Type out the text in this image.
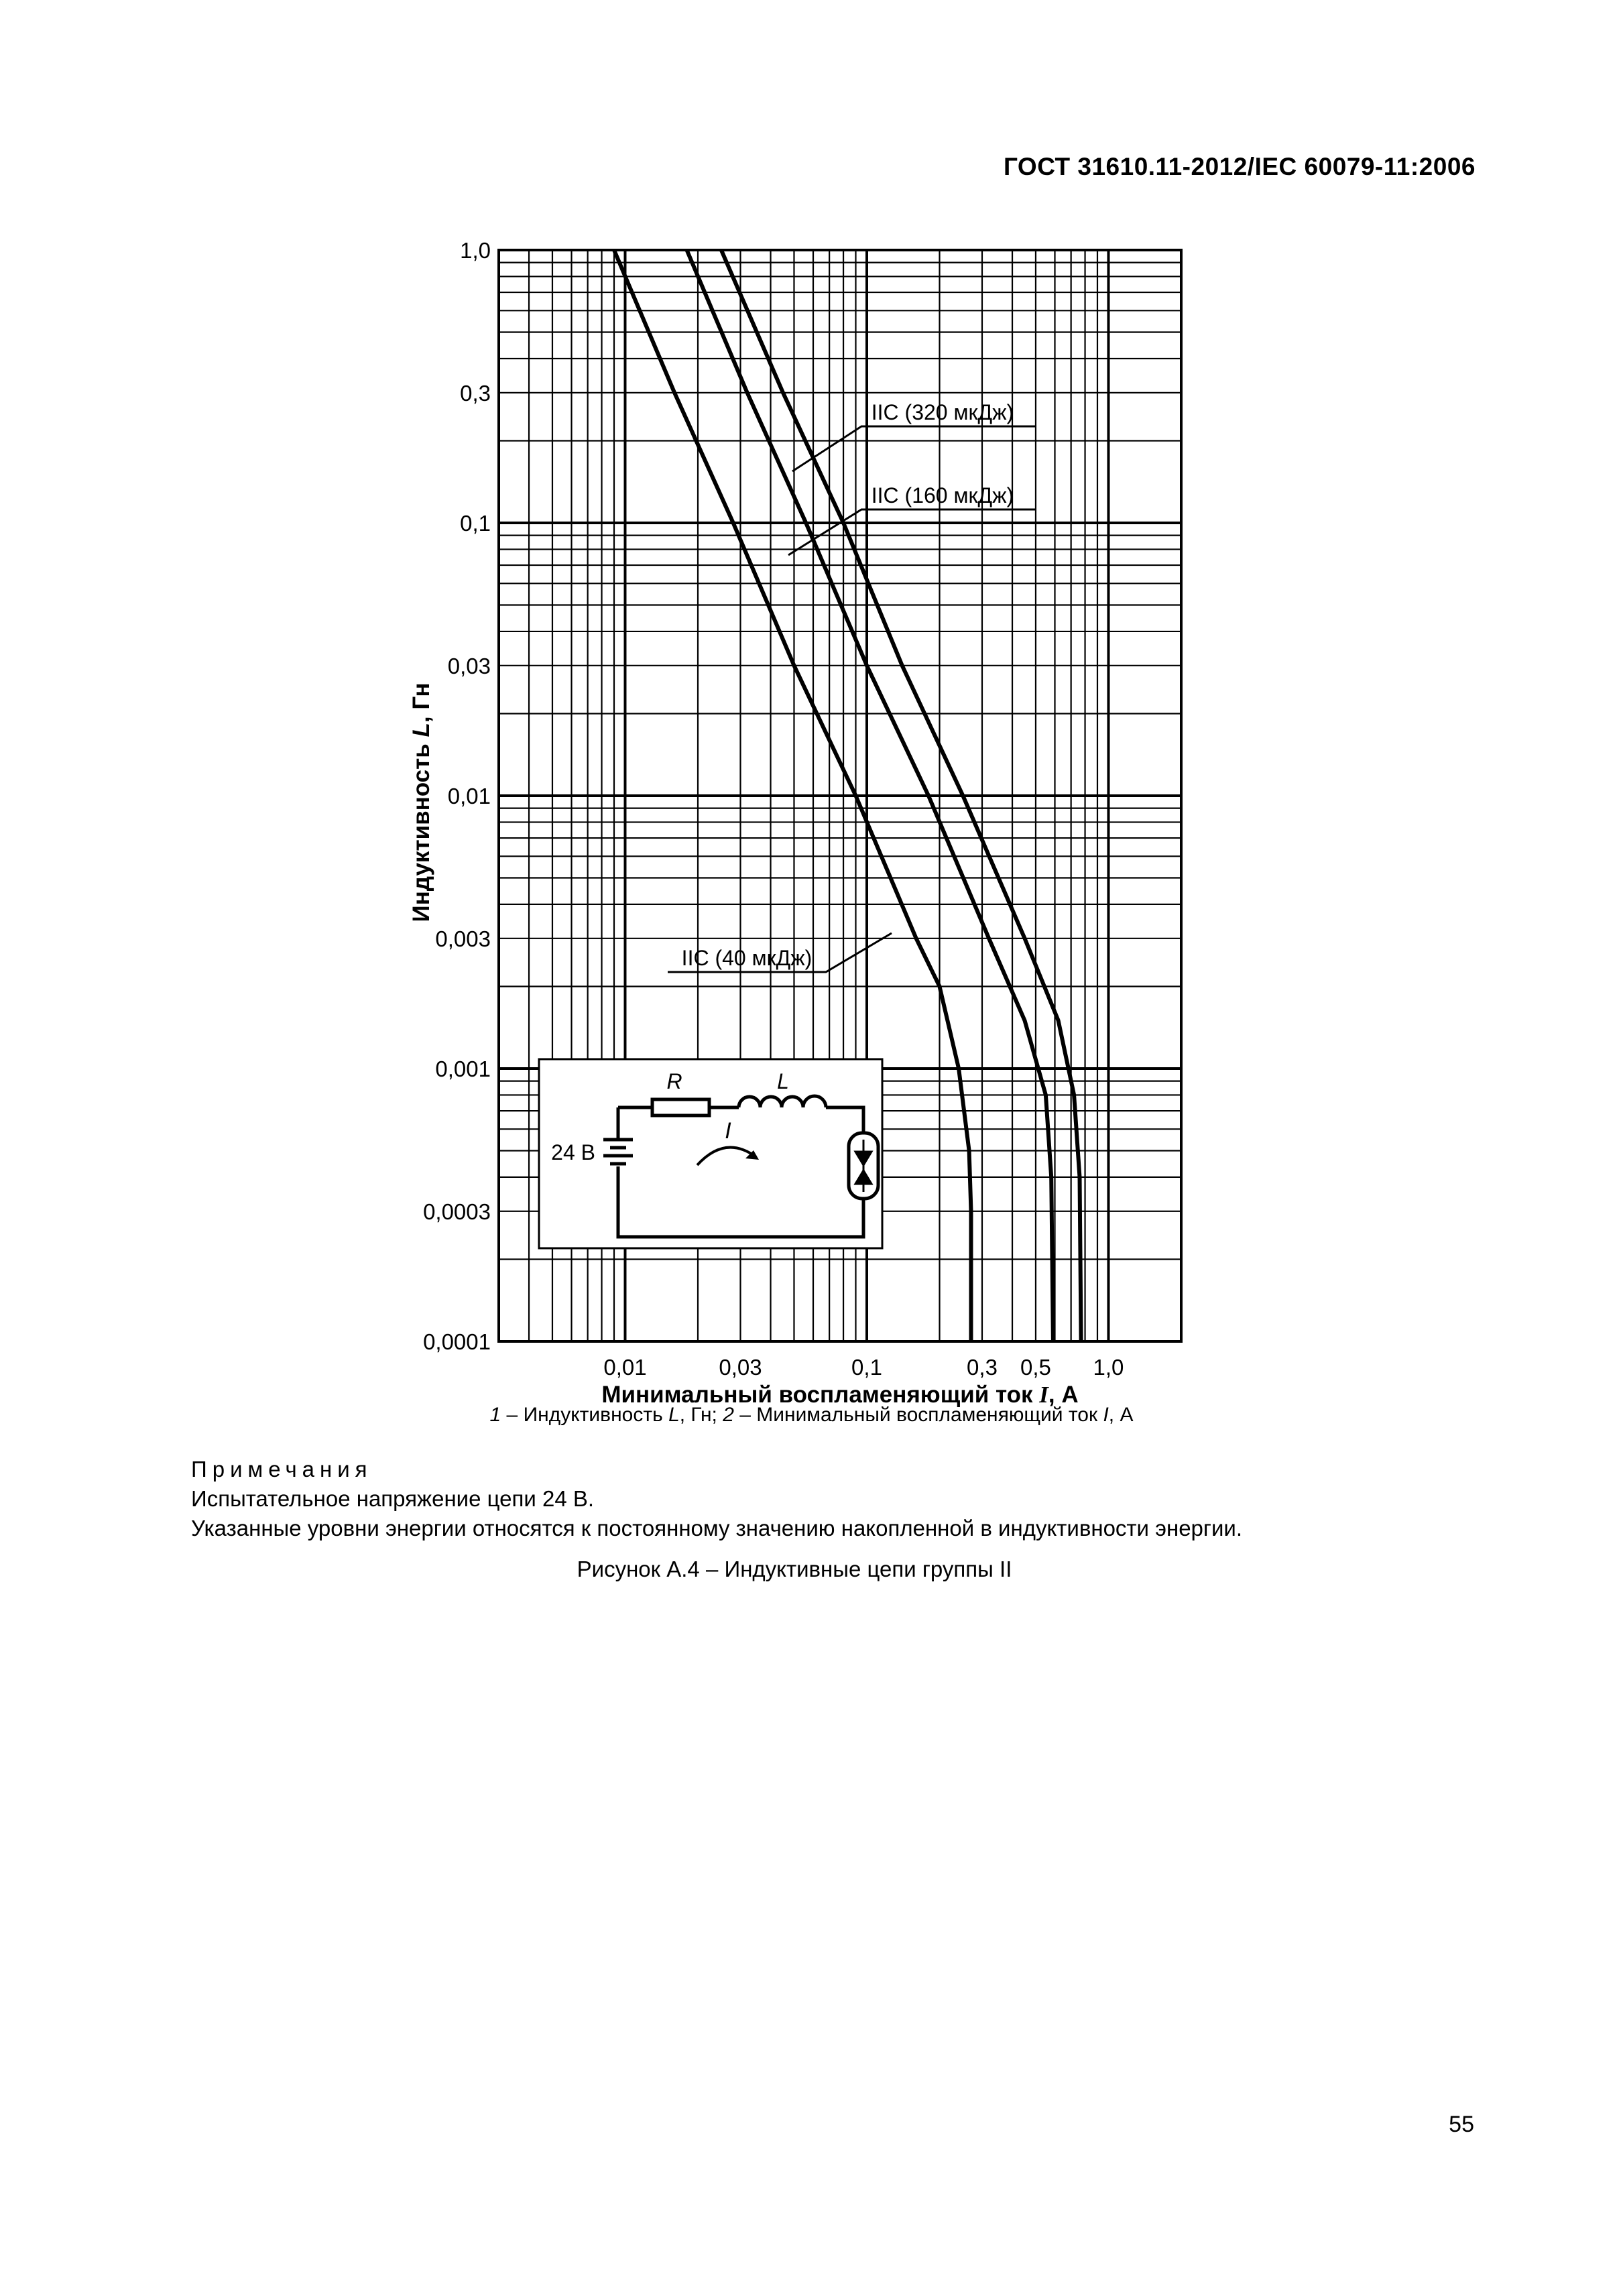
ГОСТ 31610.11-2012/IEC 60079-11:2006
R	L
I
24 В
IIC (320 мкДж)
IIC (160 мкДж)
IIC (40 мкДж)
1,0
0,3
0,1
0,03
0,01
0,003
0,001
0,0003
0,0001
0,01	0,03	0,1	0,3 0,5 1,0
Минимальный воспламеняющий ток I, А
Индуктивность L, Гн
1 – Индуктивность L, Гн; 2 – Минимальный воспламеняющий ток I, А
Примечания
Испытательное напряжение цепи 24 В.
Указанные уровни энергии относятся к постоянному значению накопленной в индуктивности энергии.
Рисунок А.4 – Индуктивные цепи группы II
55
